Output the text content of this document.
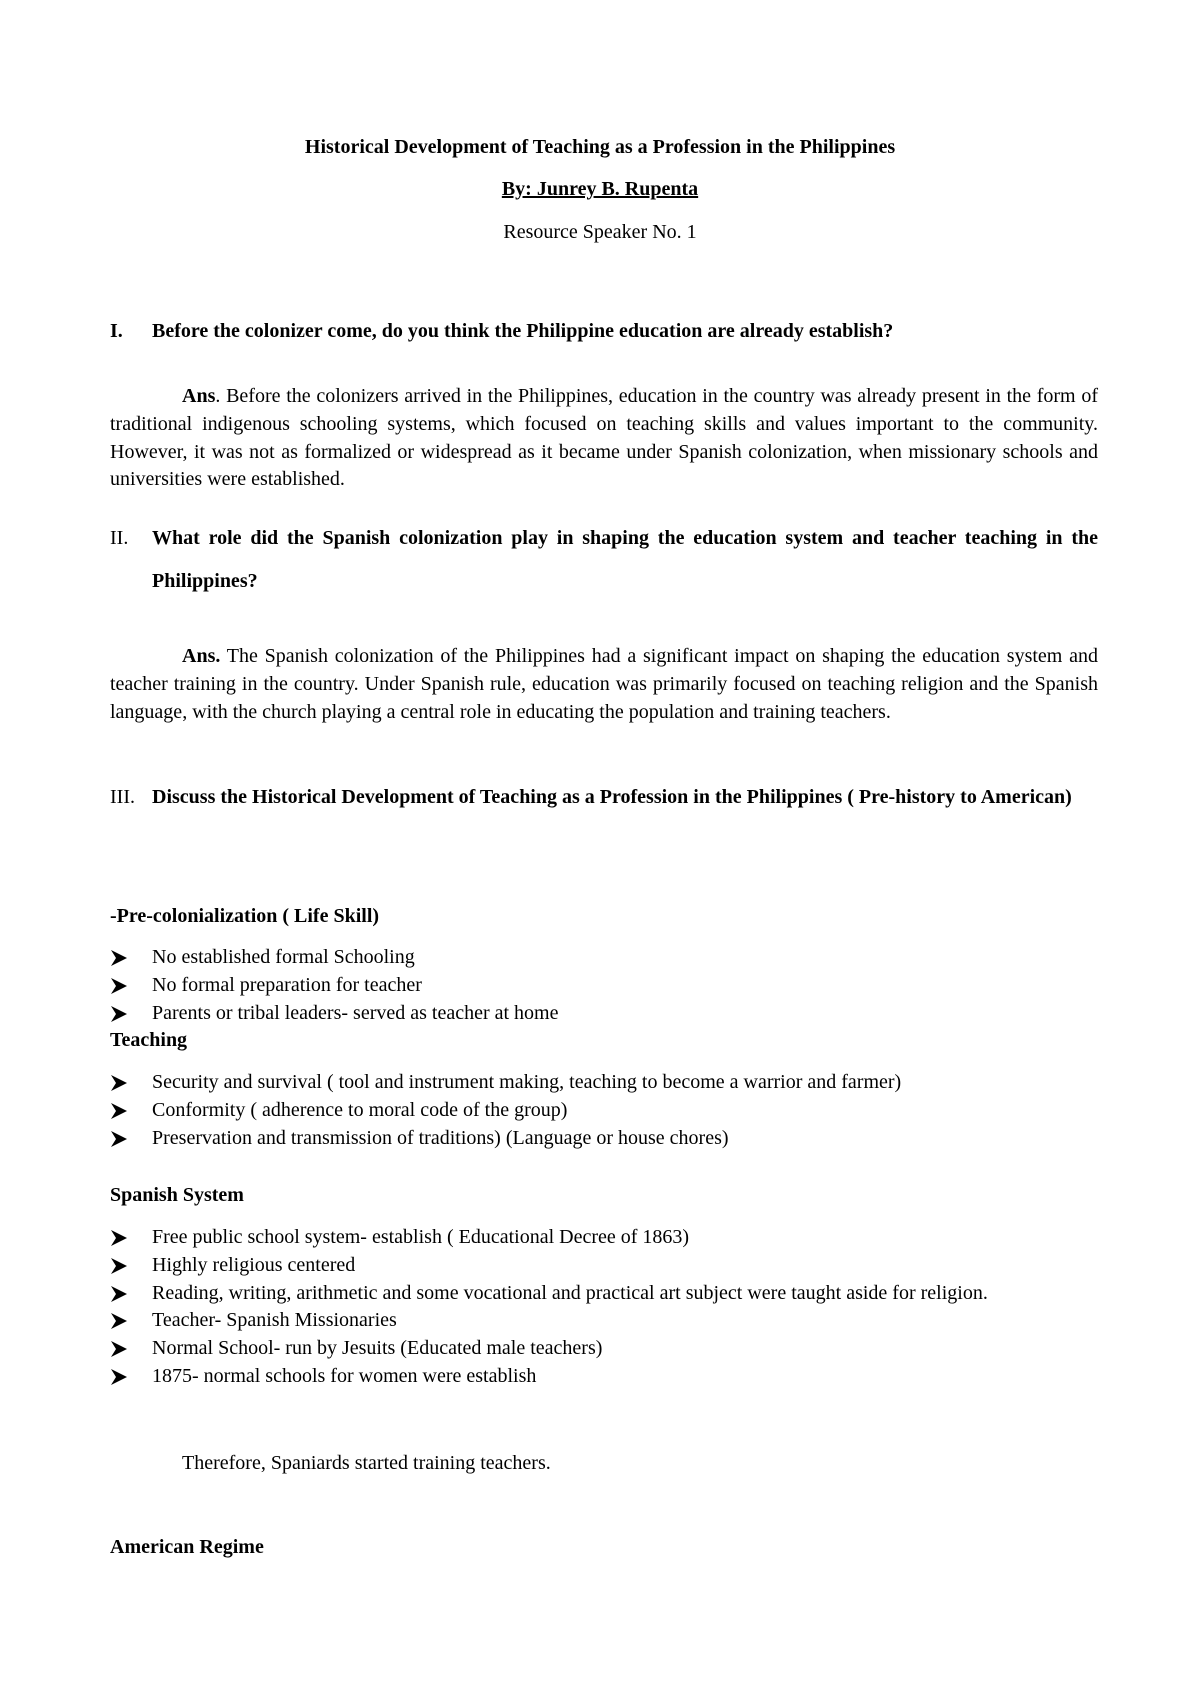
Historical Development of Teaching as a Profession in the Philippines

By: Junrey B. Rupenta

Resource Speaker No. 1

I. Before the colonizer come, do you think the Philippine education are already establish?

Ans. Before the colonizers arrived in the Philippines, education in the country was already present in the form of traditional indigenous schooling systems, which focused on teaching skills and values important to the community. However, it was not as formalized or widespread as it became under Spanish colonization, when missionary schools and universities were established.

II. What role did the Spanish colonization play in shaping the education system and teacher teaching in the Philippines?

Ans. The Spanish colonization of the Philippines had a significant impact on shaping the education system and teacher training in the country. Under Spanish rule, education was primarily focused on teaching religion and the Spanish language, with the church playing a central role in educating the population and training teachers.

III. Discuss the Historical Development of Teaching as a Profession in the Philippines ( Pre-history to American)

-Pre-colonialization ( Life Skill)

No established formal Schooling
No formal preparation for teacher
Parents or tribal leaders- served as teacher at home

Teaching

Security and survival ( tool and instrument making, teaching to become a warrior and farmer)
Conformity ( adherence to moral code of the group)
Preservation and transmission of traditions) (Language or house chores)

Spanish System

Free public school system- establish ( Educational Decree of 1863)
Highly religious centered
Reading, writing, arithmetic and some vocational and practical art subject were taught aside for religion.
Teacher- Spanish Missionaries
Normal School- run by Jesuits (Educated male teachers)
1875- normal schools for women were establish

Therefore, Spaniards started training teachers.

American Regime
